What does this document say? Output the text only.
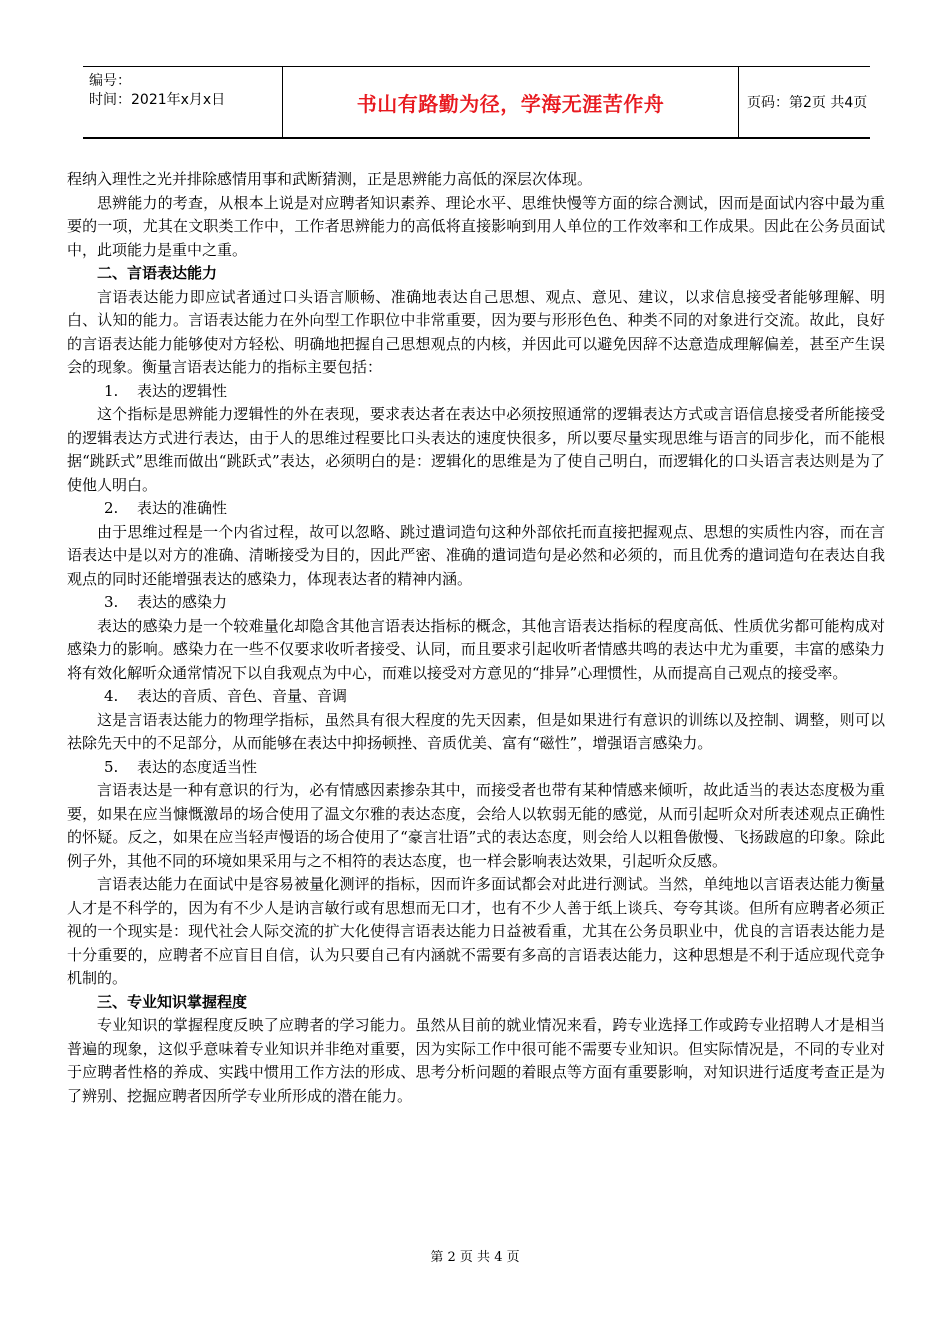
编号：
时间：2021年x月x日	书山有路勤为径，学海无涯苦作舟	页码：第2页 共4页

程纳入理性之光并排除感情用事和武断猜测，正是思辨能力高低的深层次体现。

思辨能力的考查，从根本上说是对应聘者知识素养、理论水平、思维快慢等方面的综合测试，因而是面试内容中最为重要的一项，尤其在文职类工作中，工作者思辨能力的高低将直接影响到用人单位的工作效率和工作成果。因此在公务员面试中，此项能力是重中之重。

二、言语表达能力

言语表达能力即应试者通过口头语言顺畅、准确地表达自己思想、观点、意见、建议，以求信息接受者能够理解、明白、认知的能力。言语表达能力在外向型工作职位中非常重要，因为要与形形色色、种类不同的对象进行交流。故此，良好的言语表达能力能够使对方轻松、明确地把握自己思想观点的内核，并因此可以避免因辞不达意造成理解偏差，甚至产生误会的现象。衡量言语表达能力的指标主要包括：

1. 表达的逻辑性

这个指标是思辨能力逻辑性的外在表现，要求表达者在表达中必须按照通常的逻辑表达方式或言语信息接受者所能接受的逻辑表达方式进行表达，由于人的思维过程要比口头表达的速度快很多，所以要尽量实现思维与语言的同步化，而不能根据“跳跃式”思维而做出“跳跃式”表达，必须明白的是：逻辑化的思维是为了使自己明白，而逻辑化的口头语言表达则是为了使他人明白。

2. 表达的准确性

由于思维过程是一个内省过程，故可以忽略、跳过遣词造句这种外部依托而直接把握观点、思想的实质性内容，而在言语表达中是以对方的准确、清晰接受为目的，因此严密、准确的遣词造句是必然和必须的，而且优秀的遣词造句在表达自我观点的同时还能增强表达的感染力，体现表达者的精神内涵。

3. 表达的感染力

表达的感染力是一个较难量化却隐含其他言语表达指标的概念，其他言语表达指标的程度高低、性质优劣都可能构成对感染力的影响。感染力在一些不仅要求收听者接受、认同，而且要求引起收听者情感共鸣的表达中尤为重要，丰富的感染力将有效化解听众通常情况下以自我观点为中心，而难以接受对方意见的“排异”心理惯性，从而提高自己观点的接受率。

4. 表达的音质、音色、音量、音调

这是言语表达能力的物理学指标，虽然具有很大程度的先天因素，但是如果进行有意识的训练以及控制、调整，则可以祛除先天中的不足部分，从而能够在表达中抑扬顿挫、音质优美、富有“磁性”，增强语言感染力。

5. 表达的态度适当性

言语表达是一种有意识的行为，必有情感因素掺杂其中，而接受者也带有某种情感来倾听，故此适当的表达态度极为重要，如果在应当慷慨激昂的场合使用了温文尔雅的表达态度，会给人以软弱无能的感觉，从而引起听众对所表述观点正确性的怀疑。反之，如果在应当轻声慢语的场合使用了“豪言壮语”式的表达态度，则会给人以粗鲁傲慢、飞扬跋扈的印象。除此例子外，其他不同的环境如果采用与之不相符的表达态度，也一样会影响表达效果，引起听众反感。

言语表达能力在面试中是容易被量化测评的指标，因而许多面试都会对此进行测试。当然，单纯地以言语表达能力衡量人才是不科学的，因为有不少人是讷言敏行或有思想而无口才，也有不少人善于纸上谈兵、夸夸其谈。但所有应聘者必须正视的一个现实是：现代社会人际交流的扩大化使得言语表达能力日益被看重，尤其在公务员职业中，优良的言语表达能力是十分重要的，应聘者不应盲目自信，认为只要自己有内涵就不需要有多高的言语表达能力，这种思想是不利于适应现代竞争机制的。

三、专业知识掌握程度

专业知识的掌握程度反映了应聘者的学习能力。虽然从目前的就业情况来看，跨专业选择工作或跨专业招聘人才是相当普遍的现象，这似乎意味着专业知识并非绝对重要，因为实际工作中很可能不需要专业知识。但实际情况是，不同的专业对于应聘者性格的养成、实践中惯用工作方法的形成、思考分析问题的着眼点等方面有重要影响，对知识进行适度考查正是为了辨别、挖掘应聘者因所学专业所形成的潜在能力。

第 2 页 共 4 页
